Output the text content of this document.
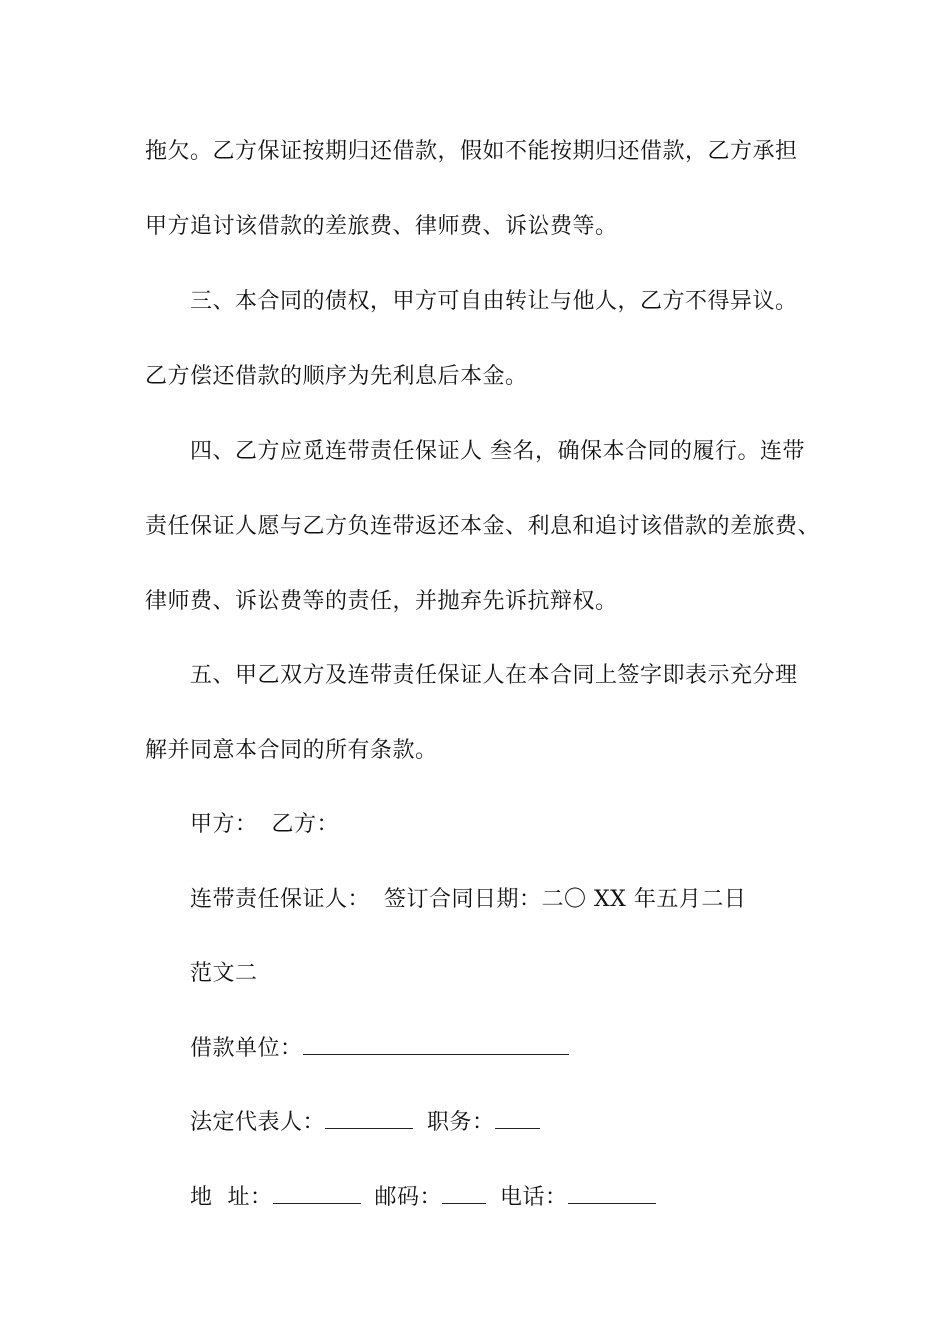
拖欠。乙方保证按期归还借款，假如不能按期归还借款，乙方承担
甲方追讨该借款的差旅费、律师费、诉讼费等。
三、本合同的债权，甲方可自由转让与他人，乙方不得异议。
乙方偿还借款的顺序为先利息后本金。
四、乙方应觅连带责任保证人 叁名，确保本合同的履行。连带
责任保证人愿与乙方负连带返还本金、利息和追讨该借款的差旅费、
律师费、诉讼费等的责任，并抛弃先诉抗辩权。
五、甲乙双方及连带责任保证人在本合同上签字即表示充分理
解并同意本合同的所有条款。
甲方： 乙方：
连带责任保证人： 签订合同日期：二〇 XX 年五月二日
范文二
借款单位：
法定代表人：	职务：
地  址：	邮码：	电话：
